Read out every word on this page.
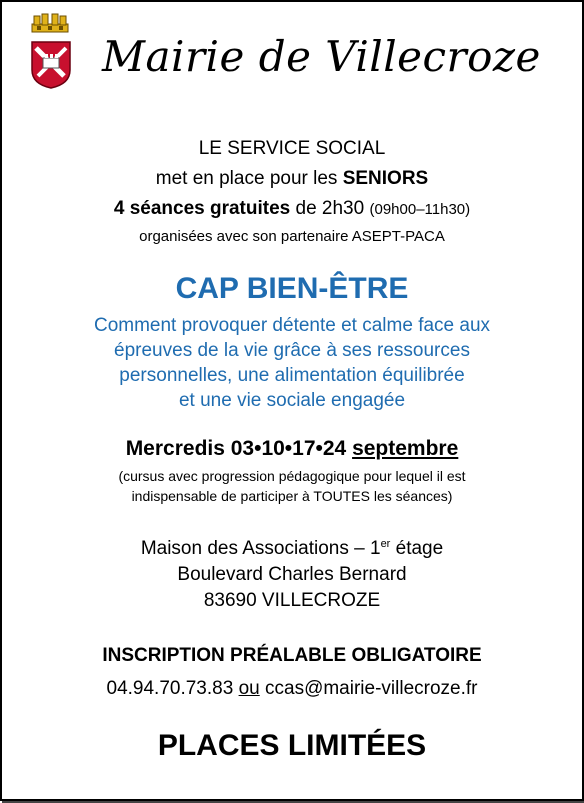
Mairie de Villecroze
LE SERVICE SOCIAL
met en place pour les SENIORS
4 séances gratuites de 2h30 (09h00–11h30)
organisées avec son partenaire ASEPT-PACA
CAP BIEN-ÊTRE
Comment provoquer détente et calme face aux
épreuves de la vie grâce à ses ressources
personnelles, une alimentation équilibrée
et une vie sociale engagée
Mercredis 03•10•17•24 septembre
(cursus avec progression pédagogique pour lequel il est
indispensable de participer à TOUTES les séances)
Maison des Associations – 1er étage
Boulevard Charles Bernard
83690 VILLECROZE
INSCRIPTION PRÉALABLE OBLIGATOIRE
04.94.70.73.83 ou ccas@mairie-villecroze.fr
PLACES LIMITÉES
